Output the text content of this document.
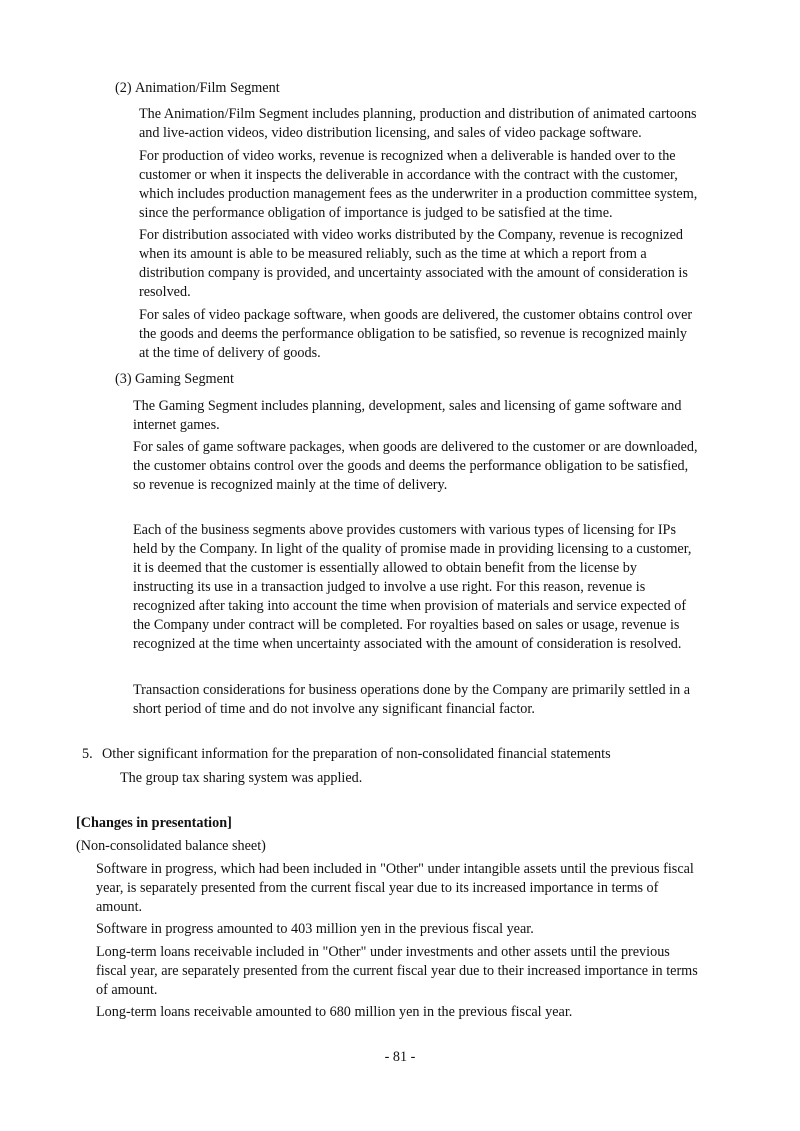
(2) Animation/Film Segment
The Animation/Film Segment includes planning, production and distribution of animated cartoons
and live-action videos, video distribution licensing, and sales of video package software.
For production of video works, revenue is recognized when a deliverable is handed over to the
customer or when it inspects the deliverable in accordance with the contract with the customer,
which includes production management fees as the underwriter in a production committee system,
since the performance obligation of importance is judged to be satisfied at the time.
For distribution associated with video works distributed by the Company, revenue is recognized
when its amount is able to be measured reliably, such as the time at which a report from a
distribution company is provided, and uncertainty associated with the amount of consideration is
resolved.
For sales of video package software, when goods are delivered, the customer obtains control over
the goods and deems the performance obligation to be satisfied, so revenue is recognized mainly
at the time of delivery of goods.
(3) Gaming Segment
The Gaming Segment includes planning, development, sales and licensing of game software and
internet games.
For sales of game software packages, when goods are delivered to the customer or are downloaded,
the customer obtains control over the goods and deems the performance obligation to be satisfied,
so revenue is recognized mainly at the time of delivery.
Each of the business segments above provides customers with various types of licensing for IPs
held by the Company. In light of the quality of promise made in providing licensing to a customer,
it is deemed that the customer is essentially allowed to obtain benefit from the license by
instructing its use in a transaction judged to involve a use right. For this reason, revenue is
recognized after taking into account the time when provision of materials and service expected of
the Company under contract will be completed. For royalties based on sales or usage, revenue is
recognized at the time when uncertainty associated with the amount of consideration is resolved.
Transaction considerations for business operations done by the Company are primarily settled in a
short period of time and do not involve any significant financial factor.
5. Other significant information for the preparation of non-consolidated financial statements
The group tax sharing system was applied.
[Changes in presentation]
(Non-consolidated balance sheet)
Software in progress, which had been included in "Other" under intangible assets until the previous fiscal
year, is separately presented from the current fiscal year due to its increased importance in terms of
amount.
Software in progress amounted to 403 million yen in the previous fiscal year.
Long-term loans receivable included in "Other" under investments and other assets until the previous
fiscal year, are separately presented from the current fiscal year due to their increased importance in terms
of amount.
Long-term loans receivable amounted to 680 million yen in the previous fiscal year.
- 81 -
